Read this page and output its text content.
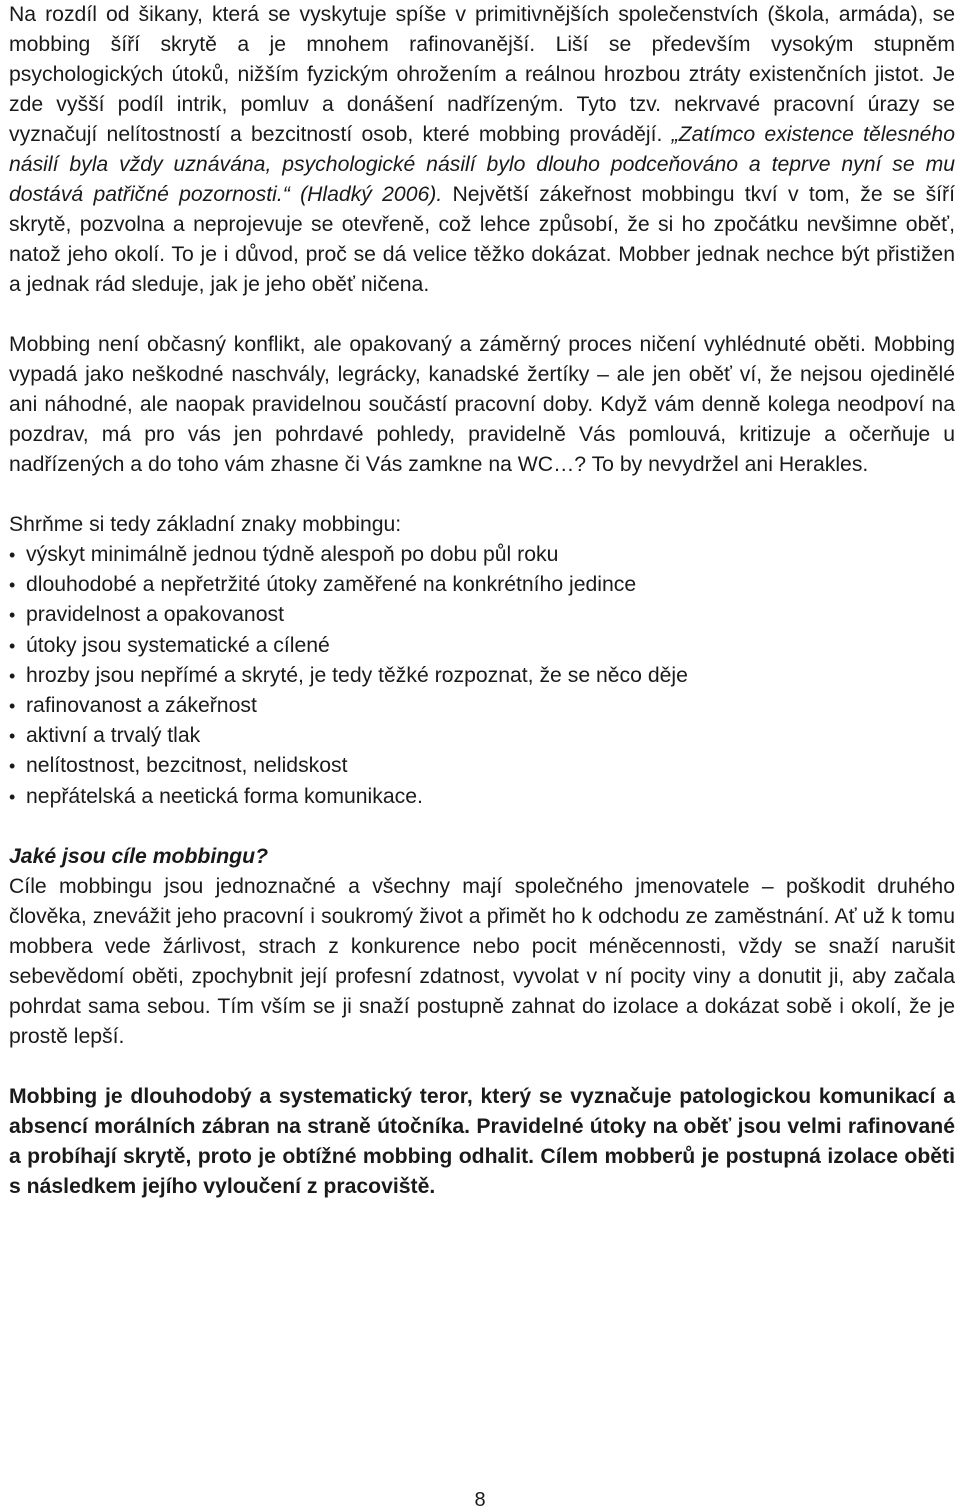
Na rozdíl od šikany, která se vyskytuje spíše v primitivnějších společenstvích (škola, armáda), se mobbing šíří skrytě a je mnohem rafinovanější. Liší se především vysokým stupněm psychologických útoků, nižším fyzickým ohrožením a reálnou hrozbou ztráty existenčních jistot. Je zde vyšší podíl intrik, pomluv a donášení nadřízeným. Tyto tzv. nekrvavé pracovní úrazy se vyznačují nelítostností a bezcitností osob, které mobbing provádějí. „Zatímco existence tělesného násilí byla vždy uznávána, psychologické násilí bylo dlouho podceňováno a teprve nyní se mu dostává patřičné pozornosti.“ (Hladký 2006). Největší zákeřnost mobbingu tkví v tom, že se šíří skrytě, pozvolna a neprojevuje se otevřeně, což lehce způsobí, že si ho zpočátku nevšimne oběť, natož jeho okolí. To je i důvod, proč se dá velice těžko dokázat. Mobber jednak nechce být přistižen a jednak rád sleduje, jak je jeho oběť ničena.

Mobbing není občasný konflikt, ale opakovaný a záměrný proces ničení vyhlédnuté oběti. Mobbing vypadá jako neškodné naschvály, legrácky, kanadské žertíky – ale jen oběť ví, že nejsou ojedinělé ani náhodné, ale naopak pravidelnou součástí pracovní doby. Když vám denně kolega neodpoví na pozdrav, má pro vás jen pohrdavé pohledy, pravidelně Vás pomlouvá, kritizuje a očerňuje u nadřízených a do toho vám zhasne či Vás zamkne na WC…? To by nevydržel ani Herakles.

Shrňme si tedy základní znaky mobbingu:

• výskyt minimálně jednou týdně alespoň po dobu půl roku
• dlouhodobé a nepřetržité útoky zaměřené na konkrétního jedince
• pravidelnost a opakovanost
• útoky jsou systematické a cílené
• hrozby jsou nepřímé a skryté, je tedy těžké rozpoznat, že se něco děje
• rafinovanost a zákeřnost
• aktivní a trvalý tlak
• nelítostnost, bezcitnost, nelidskost
• nepřátelská a neetická forma komunikace.

Jaké jsou cíle mobbingu?

Cíle mobbingu jsou jednoznačné a všechny mají společného jmenovatele – poškodit druhého člověka, znevážit jeho pracovní i soukromý život a přimět ho k odchodu ze zaměstnání. Ať už k tomu mobbera vede žárlivost, strach z konkurence nebo pocit méněcennosti, vždy se snaží narušit sebevědomí oběti, zpochybnit její profesní zdatnost, vyvolat v ní pocity viny a donutit ji, aby začala pohrdat sama sebou. Tím vším se ji snaží postupně zahnat do izolace a dokázat sobě i okolí, že je prostě lepší.

Mobbing je dlouhodobý a systematický teror, který se vyznačuje patologickou komunikací a absencí morálních zábran na straně útočníka. Pravidelné útoky na oběť jsou velmi rafinované a probíhají skrytě, proto je obtížné mobbing odhalit. Cílem mobberů je postupná izolace oběti s následkem jejího vyloučení z pracoviště.

8
